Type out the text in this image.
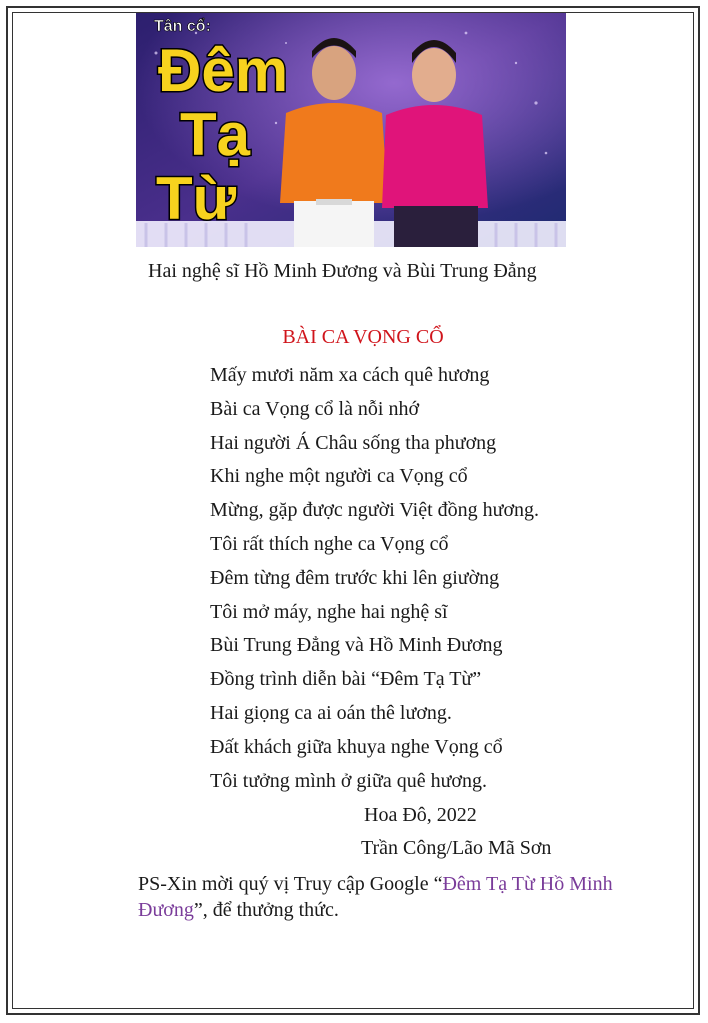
Tân cổ:
Đêm
Tạ
Từ
Hai nghệ sĩ Hồ Minh Đương và Bùi Trung Đẳng
BÀI CA VỌNG CỔ
Mấy mươi năm xa cách quê hương
Bài ca Vọng cổ là nỗi nhớ
Hai người Á Châu sống tha phương
Khi nghe một người ca Vọng cổ
Mừng, gặp được người Việt đồng hương.
Tôi rất thích nghe ca Vọng cổ
Đêm từng đêm trước khi lên giường
Tôi mở máy, nghe hai nghệ sĩ
Bùi Trung Đẳng và Hồ Minh Đương
Đồng trình diễn bài “Đêm Tạ Từ”
Hai giọng ca ai oán thê lương.
Đất khách giữa khuya nghe Vọng cổ
Tôi tưởng mình ở giữa quê hương.
Hoa Đô, 2022
Trần Công/Lão Mã Sơn
PS-Xin mời quý vị Truy cập Google “Đêm Tạ Từ Hồ Minh Đương”, để thưởng thức.
